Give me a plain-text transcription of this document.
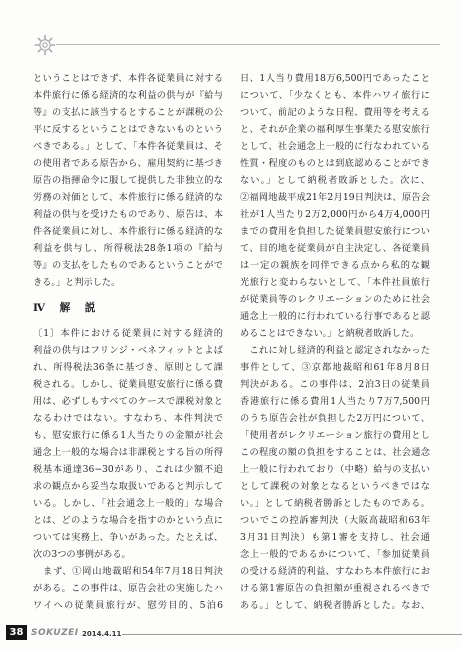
ということはできず、本件各従業員に対する
本件旅行に係る経済的な利益の供与が『給与
等』の支払に該当するとすることが課税の公
平に反するということはできないものという
べきである。」として、「本件各従業員は、そ
の使用者である原告から、雇用契約に基づき
原告の指揮命令に服して提供した非独立的な
労務の対価として、本件旅行に係る経済的な
利益の供与を受けたものであり、原告は、本
件各従業員に対し、本件旅行に係る経済的な
利益を供与し、所得税法28条1項の『給与
等』の支払をしたものであるということがで
きる。」と判示した。
Ⅳ　解　説
〔1〕本件における従業員に対する経済的
利益の供与はフリンジ・ベネフィットとよば
れ、所得税法36条に基づき、原則として課
税される。しかし、従業員慰安旅行に係る費
用は、必ずしもすべてのケースで課税対象と
なるわけではない。すなわち、本件判決で
も、慰安旅行に係る1人当たりの金額が社会
通念上一般的な場合は非課税とする旨の所得
税基本通達36−30があり、これは少額不追
求の観点から妥当な取扱いであると判示して
いる。しかし、「社会通念上一般的」な場合
とは、どのような場合を指すのかという点に
ついては実務上、争いがあった。たとえば、
次の3つの事例がある。
　まず、①岡山地裁昭和54年7月18日判決
がある。この事件は、原告会社の実施したハ
ワイへの従業員旅行が、慰労目的、5泊6
日、1人当り費用18万6,500円であったこと
について、「少なくとも、本件ハワイ旅行に
ついて、前記のような日程、費用等を考える
と、それが企業の福利厚生事業たる慰安旅行
として、社会通念上一般的に行なわれている
性質・程度のものとは到底認めることができ
ない。」として納税者敗訴とした。次に、
②福岡地裁平成21年2月19日判決は、原告会
社が1人当たり2万2,000円から4万4,000円
までの費用を負担した従業員慰安旅行につい
て、目的地を従業員が自主決定し、各従業員
は一定の親族を同伴できる点から私的な観
光旅行と変わらないとして、「本件社員旅行
が従業員等のレクリエーションのために社会
通念上一般的に行われている行事であると認
めることはできない。」と納税者敗訴した。
　これに対し経済的利益と認定されなかった
事件として、③京都地裁昭和61年8月8日
判決がある。この事件は、2泊3日の従業員
香港旅行に係る費用1人当たり7万7,500円
のうち原告会社が負担した2万円について、
「使用者がレクリエーション旅行の費用とし
この程度の額の負担をすることは、社会通念
上一般に行われており（中略）給与の支払い
として課税の対象となるというべきではな
い。」として納税者勝訴としたものである。
ついでこの控訴審判決（大阪高裁昭和63年
3月31日判決）も第1審を支持し、社会通
念上一般的であるかについて、「参加従業員
の受ける経済的利益、すなわち本件旅行にお
ける第1審原告の負担額が重視されるべきで
ある。」として、納税者勝訴とした。なお、
38 SOKUZEI 2014.4.11
